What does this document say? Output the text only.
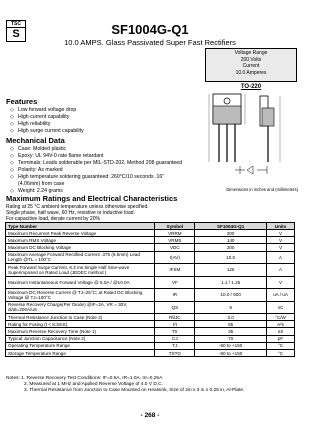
TSC
S	SF1004G-Q1
10.0 AMPS. Glass Passivated Super Fast Rectifiers
Voltage Range
200 Volts
Current
10.0 Amperes
TO-220
Dimensions in inches and (millimeters)
Features
◇ Low forward voltage drop
◇ High current capability
◇ High reliability
◇ High surge current capability
Mechanical Data
◇ Case: Molded plastic
◇ Epoxy: UL 94V-0 rate flame retardant
◇ Terminals: Leads solderable per MIL-STD-202, Method 208 guaranteed
◇ Polarity: As marked
◇ High temperature soldering guaranteed: 260°C/10 seconds .16" (4.06mm) from case
◇ Weight: 2.24 grams
Maximum Ratings and Electrical Characteristics
Rating at 25 °C ambient temperature unless otherwise specified.
Single phase, half wave, 60 Hz, resistive or inductive load.
For capacitive load, derate current by 20%
Type Number	Symbol	SF1004G-Q1	Units
Maximum Recurrent Peak Reverse Voltage	VRRM	200	V
Maximum RMS Voltage	VRMS	140	V
Maximum DC Blocking Voltage	VDC	200	V
Maximum Average Forward Rectified Current .375 (9.5mm) Lead Length @TL = 100°C	I(AV)	10.0	A
Peak Forward Surge Current, 8.3 ms Single Half Sine-wave Superimposed on Rated Load (JEDEC method )	IFSM	125	A
Maximum Instantaneous Forward Voltage @ 5.0A / @10.0A	VF	1.1 / 1.25	V
Maximum DC Reverse Current @ TJ=25°C; at Rated DC Blocking Voltage @ TJ=100°C	IR	10.0 / 500	uA / uA
Reverse Recovery Charge(Per Diode) @IF=2A, VR = 30V, di/dt=200A/uS	QS	9	nC
Thermal Resistance Junction to Case (Note 3)	RθJC	3.0	°C/W
Rating for Fusing (t < 8.3mS)	I²t	65	A²s
Maximum Reverse Recovery Time (Note 1)	Trr	35	nS
Typical Junction Capacitance (Note 2)	CJ	70	pF
Operating Temperature Range	TJ	-50 to +150	°C
Storage Temperature Range	TSTG	-50 to +150	°C
Notes: 1. Reverse Recovery Test Conditions: IF=0.5A, IR=1.0A, Irr=0.25A
2. Measured at 1 MHz and Applied Reverse Voltage of 4.0 V D.C.
3. Thermal Resistance from Junction to Case Mounted on Heatsink, Size of 2in x 3 in x 0.25 in, Al-Plate.
- 268 -
